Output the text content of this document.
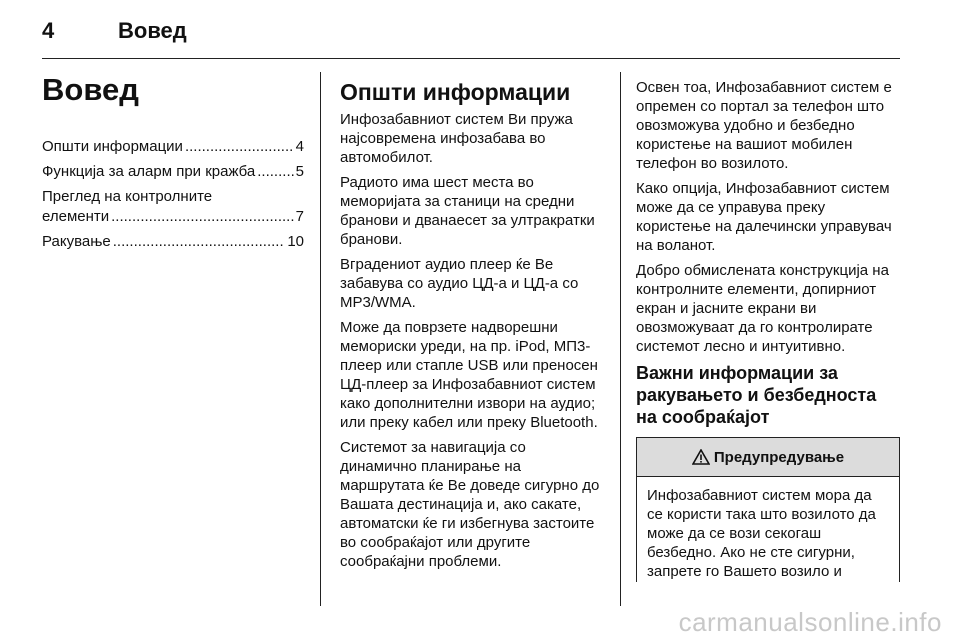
4	Вовед
Вовед
Општи информации .....	4
Функција за аларм при кражба .....	5
Преглед на контролните
елементи .....	7
Ракување .....	10
Општи информации

Инфозабавниот систем Ви пружа најсовремена инфозабава во автомобилот.

Радиото има шест места во меморијата за станици на средни бранови и дванаесет за ултракратки бранови.

Вградениот аудио плеер ќе Ве забавува со аудио ЦД-а и ЦД-а со MP3/WMA.

Може да поврзете надворешни мемориски уреди, на пр. iPod, МП3-плеер или стапле USB или преносен ЦД-плеер за Инфозабавниот систем како дополнителни извори на аудио; или преку кабел или преку Bluetooth.

Системот за навигација со динамично планирање на маршрутата ќе Ве доведе сигурно до Вашата дестинација и, ако сакате, автоматски ќе ги избегнува застоите во сообраќајот или другите сообраќајни проблеми.

Освен тоа, Инфозабавниот систем е опремен со портал за телефон што овозможува удобно и безбедно користење на вашиот мобилен телефон во возилото.

Како опција, Инфозабавниот систем може да се управува преку користење на далечински управувач на воланот.

Добро обмислената конструкција на контролните елементи, допирниот екран и јасните екрани ви овозможуваат да го контролирате системот лесно и интуитивно.

Важни информации за ракувањето и безбедноста на сообраќајот
Предупредување
Инфозабавниот систем мора да се користи така што возилото да може да се вози секогаш безбедно. Ако не сте сигурни, запрете го Вашето возило и
carmanualsonline.info
